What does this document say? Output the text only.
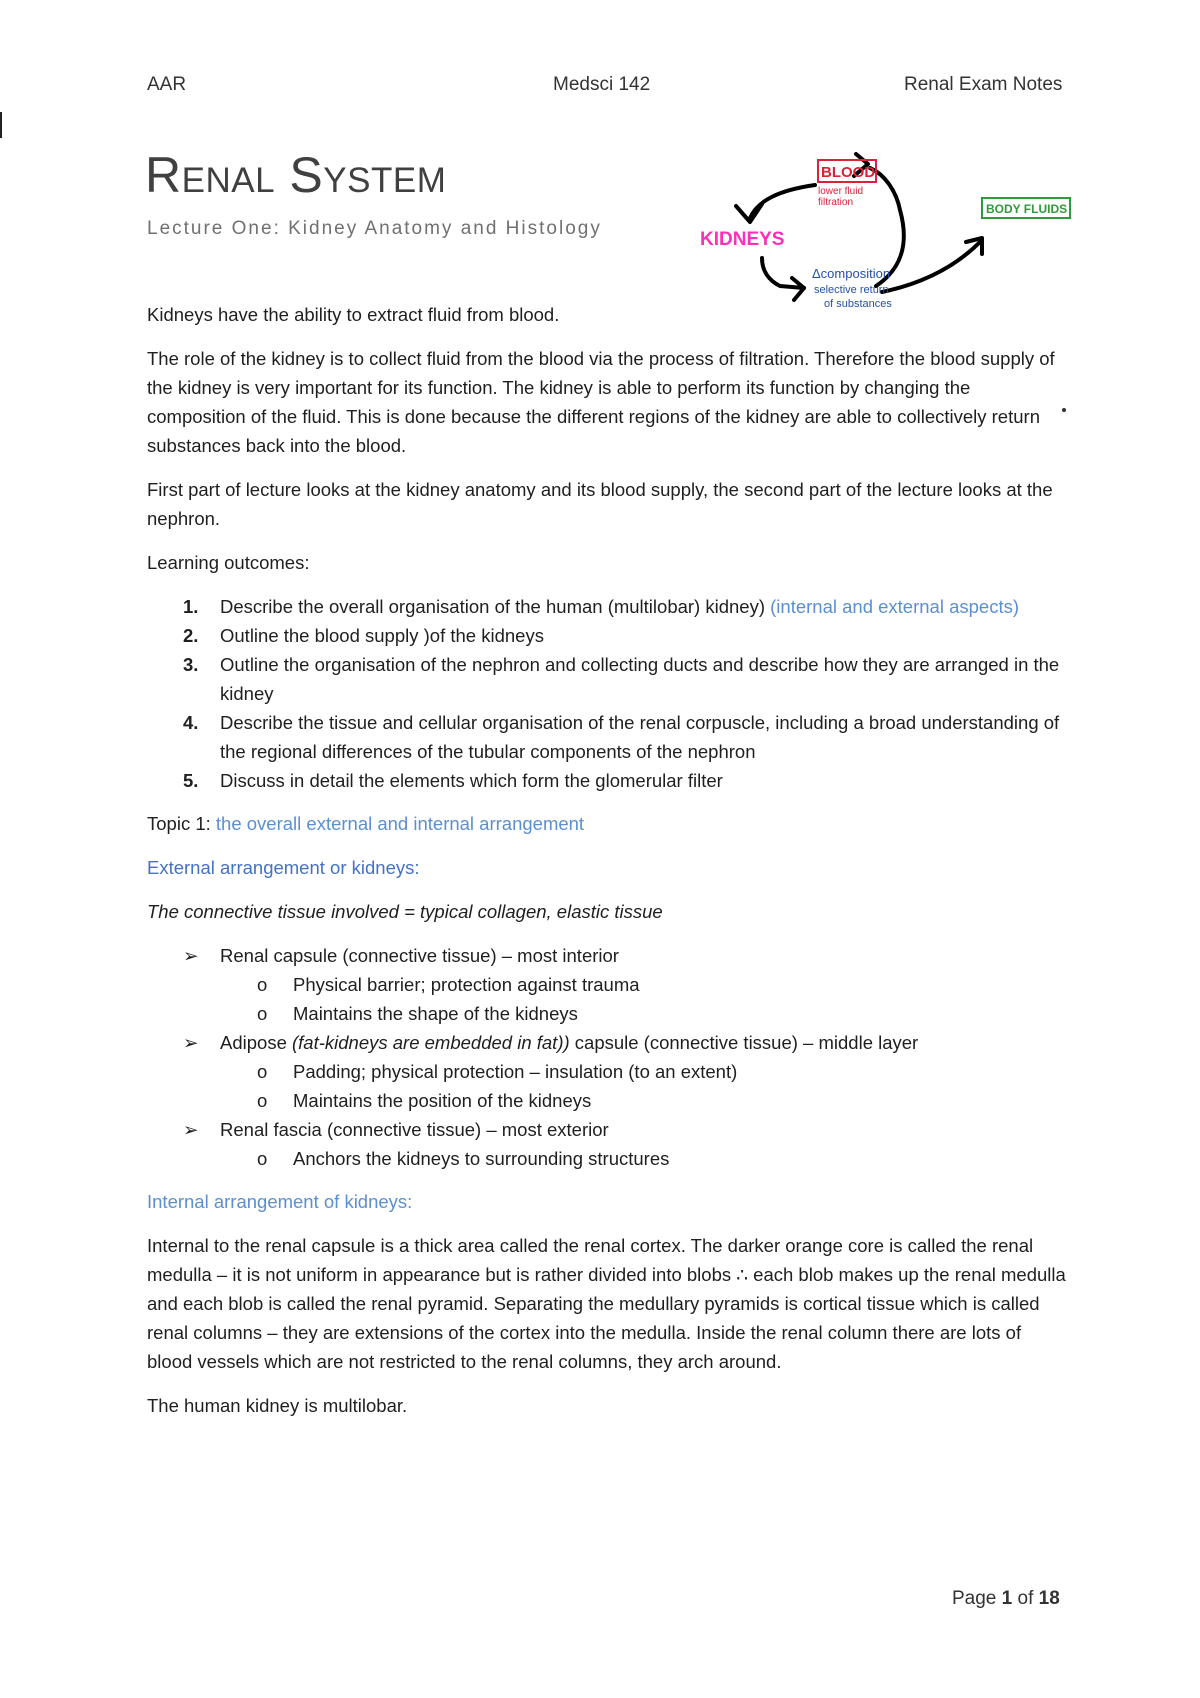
AAR	Medsci 142	Renal Exam Notes
Renal System
Lecture One: Kidney Anatomy and Histology
BLOOD
lower fluid
filtration	BODY FLUIDS
KIDNEYS
Δcomposition
selective return
of substances

Kidneys have the ability to extract fluid from blood.

The role of the kidney is to collect fluid from the blood via the process of filtration. Therefore the blood supply of the kidney is very important for its function. The kidney is able to perform its function by changing the composition of the fluid. This is done because the different regions of the kidney are able to collectively return substances back into the blood.

First part of lecture looks at the kidney anatomy and its blood supply, the second part of the lecture looks at the nephron.

Learning outcomes:

1. Describe the overall organisation of the human (multilobar) kidney) (internal and external aspects)
2. Outline the blood supply )of the kidneys
3. Outline the organisation of the nephron and collecting ducts and describe how they are arranged in the kidney
4. Describe the tissue and cellular organisation of the renal corpuscle, including a broad understanding of the regional differences of the tubular components of the nephron
5. Discuss in detail the elements which form the glomerular filter

Topic 1: the overall external and internal arrangement

External arrangement or kidneys:

The connective tissue involved = typical collagen, elastic tissue

➢ Renal capsule (connective tissue) – most interior
o Physical barrier; protection against trauma
o Maintains the shape of the kidneys
➢ Adipose (fat-kidneys are embedded in fat)) capsule (connective tissue) – middle layer
o Padding; physical protection – insulation (to an extent)
o Maintains the position of the kidneys
➢ Renal fascia (connective tissue) – most exterior
o Anchors the kidneys to surrounding structures

Internal arrangement of kidneys:

Internal to the renal capsule is a thick area called the renal cortex. The darker orange core is called the renal medulla – it is not uniform in appearance but is rather divided into blobs ∴ each blob makes up the renal medulla and each blob is called the renal pyramid. Separating the medullary pyramids is cortical tissue which is called renal columns – they are extensions of the cortex into the medulla. Inside the renal column there are lots of blood vessels which are not restricted to the renal columns, they arch around.

The human kidney is multilobar.

Page 1 of 18
